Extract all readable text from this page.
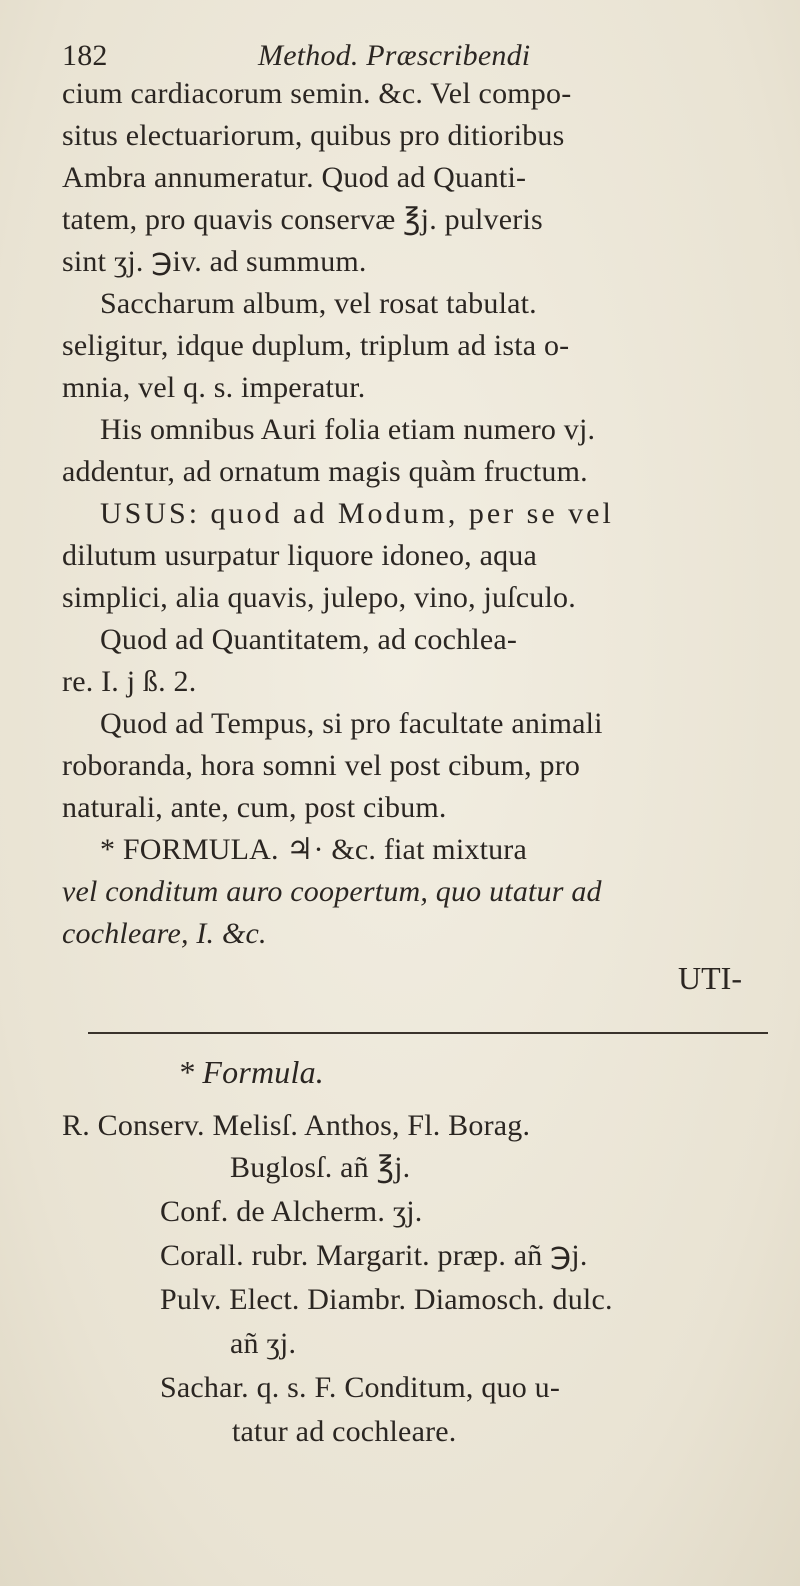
182	Method. Præscribendi
cium cardiacorum semin. &c. Vel compo-
situs electuariorum, quibus pro ditioribus
Ambra annumeratur. Quod ad Quanti-
tatem, pro quavis conservæ ℥j. pulveris
sint ʒj. ℈iv. ad summum.
Saccharum album, vel rosat tabulat.
seligitur, idque duplum, triplum ad ista o-
mnia, vel q. s. imperatur.
His omnibus Auri folia etiam numero vj.
addentur, ad ornatum magis quàm fructum.
USUS: quod ad Modum, per se vel
dilutum usurpatur liquore idoneo, aqua
simplici, alia quavis, julepo, vino, juſculo.
Quod ad Quantitatem, ad cochlea-
re. I. j ß. 2.
Quod ad Tempus, si pro facultate animali
roboranda, hora somni vel post cibum, pro
naturali, ante, cum, post cibum.
* FORMULA. ♃· &c. fiat mixtura
vel conditum auro coopertum, quo utatur ad
cochleare, I. &c.
UTI-
* Formula.
R. Conserv. Melisſ. Anthos, Fl. Borag.
Buglosſ. añ ℥j.
Conf. de Alcherm. ʒj.
Corall. rubr. Margarit. præp. añ ℈j.
Pulv. Elect. Diambr. Diamosch. dulc.
añ ʒj.
Sachar. q. s. F. Conditum, quo u-
tatur ad cochleare.
